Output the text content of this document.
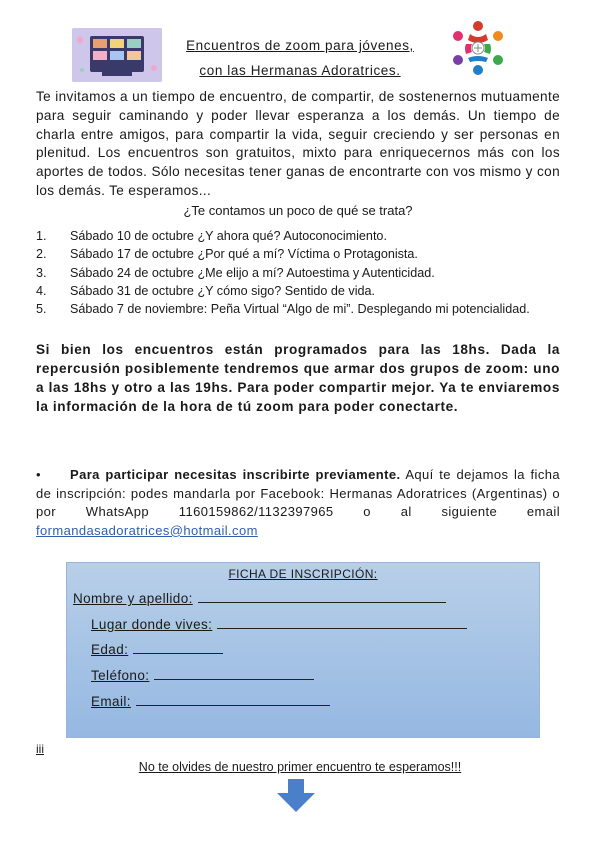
Encuentros de zoom para jóvenes,
con las Hermanas Adoratrices.
Te invitamos a un tiempo de encuentro, de compartir, de sostenernos mutuamente para seguir caminando y poder llevar esperanza a los demás. Un tiempo de charla entre amigos, para compartir la vida, seguir creciendo y ser personas en plenitud. Los encuentros son gratuitos, mixto para enriquecernos más con los aportes de todos. Sólo necesitas tener ganas de encontrarte con vos mismo y con los demás. Te esperamos...
¿Te contamos un poco de qué se trata?
1.	Sábado 10 de octubre ¿Y ahora qué? Autoconocimiento.
2.	Sábado 17 de octubre ¿Por qué a mí? Víctima o Protagonista.
3.	Sábado 24 de octubre ¿Me elijo a mí? Autoestima y Autenticidad.
4.	Sábado 31 de octubre ¿Y cómo sigo? Sentido de vida.
5. Sábado 7 de noviembre: Peña Virtual “Algo de mi”. Desplegando mi potencialidad.
Si bien los encuentros están programados para las 18hs. Dada la repercusión posiblemente tendremos que armar dos grupos de zoom: uno a las 18hs y otro a las 19hs. Para poder compartir mejor. Ya te enviaremos la información de la hora de tú zoom para poder conectarte.
• Para participar necesitas inscribirte previamente. Aquí te dejamos la ficha de inscripción: podes mandarla por Facebook: Hermanas Adoratrices (Argentinas) o por WhatsApp 1160159862/1132397965 o al siguiente email formandasadoratrices@hotmail.com
FICHA DE INSCRIPCIÓN:
Nombre y apellido:
Lugar donde vives:
Edad:
Teléfono:
Email:
iii
No te olvides de nuestro primer encuentro te esperamos!!!
